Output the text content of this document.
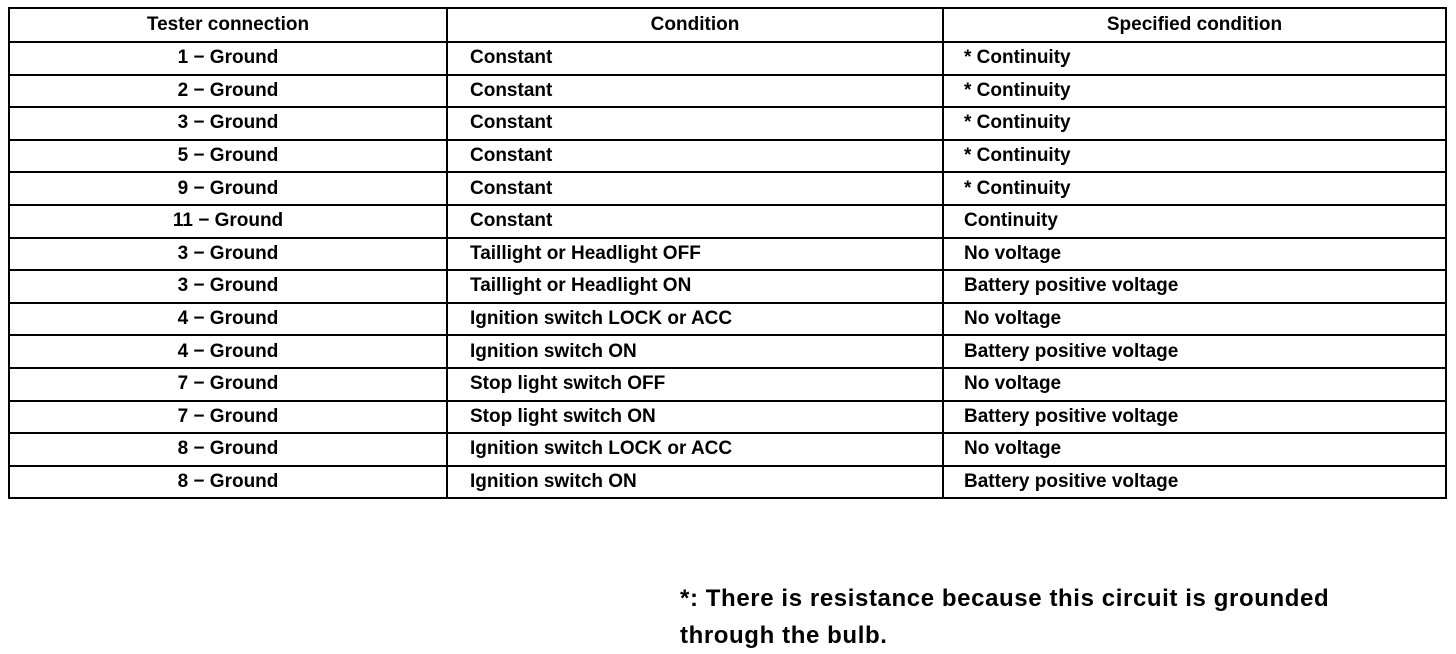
Tester connection	Condition	Specified condition
1 − Ground	Constant	* Continuity
2 − Ground	Constant	* Continuity
3 − Ground	Constant	* Continuity
5 − Ground	Constant	* Continuity
9 − Ground	Constant	* Continuity
11 − Ground	Constant	Continuity
3 − Ground	Taillight or Headlight OFF	No voltage
3 − Ground	Taillight or Headlight ON	Battery positive voltage
4 − Ground	Ignition switch LOCK or ACC	No voltage
4 − Ground	Ignition switch ON	Battery positive voltage
7 − Ground	Stop light switch OFF	No voltage
7 − Ground	Stop light switch ON	Battery positive voltage
8 − Ground	Ignition switch LOCK or ACC	No voltage
8 − Ground	Ignition switch ON	Battery positive voltage
*: There is resistance because this circuit is grounded
through the bulb.
